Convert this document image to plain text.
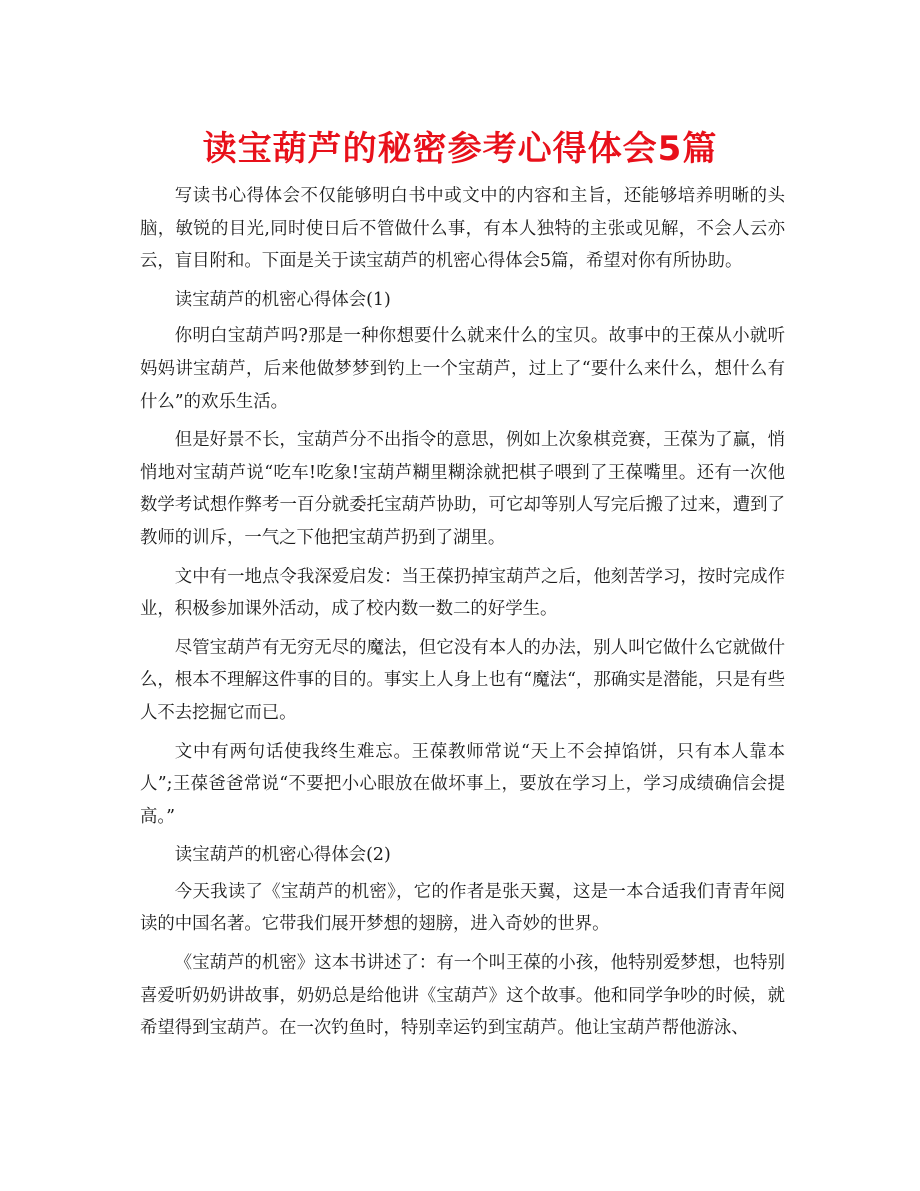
读宝葫芦的秘密参考心得体会5篇

写读书心得体会不仅能够明白书中或文中的内容和主旨，还能够培养明晰的头脑，敏锐的目光,同时使日后不管做什么事，有本人独特的主张或见解，不会人云亦云，盲目附和。下面是关于读宝葫芦的机密心得体会5篇，希望对你有所协助。

读宝葫芦的机密心得体会(1)

你明白宝葫芦吗?那是一种你想要什么就来什么的宝贝。故事中的王葆从小就听妈妈讲宝葫芦，后来他做梦梦到钓上一个宝葫芦，过上了“要什么来什么，想什么有什么”的欢乐生活。

但是好景不长，宝葫芦分不出指令的意思，例如上次象棋竞赛，王葆为了赢，悄悄地对宝葫芦说“吃车!吃象!宝葫芦糊里糊涂就把棋子喂到了王葆嘴里。还有一次他数学考试想作弊考一百分就委托宝葫芦协助，可它却等别人写完后搬了过来，遭到了教师的训斥，一气之下他把宝葫芦扔到了湖里。

文中有一地点令我深爱启发：当王葆扔掉宝葫芦之后，他刻苦学习，按时完成作业，积极参加课外活动，成了校内数一数二的好学生。

尽管宝葫芦有无穷无尽的魔法，但它没有本人的办法，别人叫它做什么它就做什么，根本不理解这件事的目的。事实上人身上也有“魔法“，那确实是潜能，只是有些人不去挖掘它而已。

文中有两句话使我终生难忘。王葆教师常说“天上不会掉馅饼，只有本人靠本人”;王葆爸爸常说“不要把小心眼放在做坏事上，要放在学习上，学习成绩确信会提高。”

读宝葫芦的机密心得体会(2)

今天我读了《宝葫芦的机密》，它的作者是张天翼，这是一本合适我们青青年阅读的中国名著。它带我们展开梦想的翅膀，进入奇妙的世界。

《宝葫芦的机密》这本书讲述了：有一个叫王葆的小孩，他特别爱梦想，也特别喜爱听奶奶讲故事，奶奶总是给他讲《宝葫芦》这个故事。他和同学争吵的时候，就希望得到宝葫芦。在一次钓鱼时，特别幸运钓到宝葫芦。他让宝葫芦帮他游泳、
